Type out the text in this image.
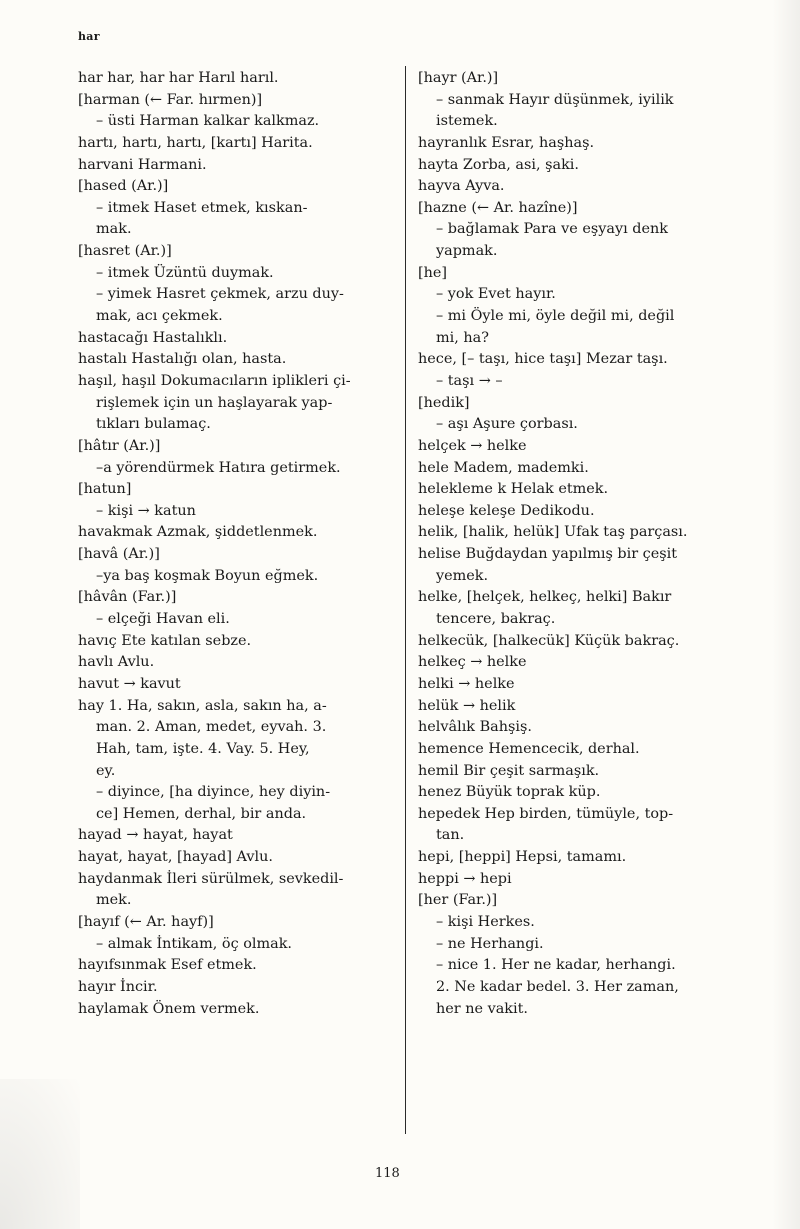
har
har har, har har Harıl harıl.
[harman (← Far. hırmen)]
– üsti Harman kalkar kalkmaz.
hartı, hartı, hartı, [kartı] Harita.
harvani Harmani.
[hased (Ar.)]
– itmek Haset etmek, kıskan-
mak.
[hasret (Ar.)]
– itmek Üzüntü duymak.
– yimek Hasret çekmek, arzu duy-
mak, acı çekmek.
hastacağı Hastalıklı.
hastalı Hastalığı olan, hasta.
haşıl, haşıl Dokumacıların iplikleri çi-
rişlemek için un haşlayarak yap-
tıkları bulamaç.
[hâtır (Ar.)]
–a yörendürmek Hatıra getirmek.
[hatun]
– kişi → katun
havakmak Azmak, şiddetlenmek.
[havâ (Ar.)]
–ya baş koşmak Boyun eğmek.
[hâvân (Far.)]
– elçeği Havan eli.
havıç Ete katılan sebze.
havlı Avlu.
havut → kavut
hay 1. Ha, sakın, asla, sakın ha, a-
man. 2. Aman, medet, eyvah. 3.
Hah, tam, işte. 4. Vay. 5. Hey,
ey.
– diyince, [ha diyince, hey diyin-
ce] Hemen, derhal, bir anda.
hayad → hayat, hayat
hayat, hayat, [hayad] Avlu.
haydanmak İleri sürülmek, sevkedil-
mek.
[hayıf (← Ar. hayf)]
– almak İntikam, öç olmak.
hayıfsınmak Esef etmek.
hayır İncir.
haylamak Önem vermek.
[hayr (Ar.)]
– sanmak Hayır düşünmek, iyilik
istemek.
hayranlık Esrar, haşhaş.
hayta Zorba, asi, şaki.
hayva Ayva.
[hazne (← Ar. hazîne)]
– bağlamak Para ve eşyayı denk
yapmak.
[he]
– yok Evet hayır.
– mi Öyle mi, öyle değil mi, değil
mi, ha?
hece, [– taşı, hice taşı] Mezar taşı.
– taşı → –
[hedik]
– aşı Aşure çorbası.
helçek → helke
hele Madem, mademki.
helekleme k Helak etmek.
heleşe keleşe Dedikodu.
helik, [halik, helük] Ufak taş parçası.
helise Buğdaydan yapılmış bir çeşit
yemek.
helke, [helçek, helkeç, helki] Bakır
tencere, bakraç.
helkecük, [halkecük] Küçük bakraç.
helkeç → helke
helki → helke
helük → helik
helvâlık Bahşiş.
hemence Hemencecik, derhal.
hemil Bir çeşit sarmaşık.
henez Büyük toprak küp.
hepedek Hep birden, tümüyle, top-
tan.
hepi, [heppi] Hepsi, tamamı.
heppi → hepi
[her (Far.)]
– kişi Herkes.
– ne Herhangi.
– nice 1. Her ne kadar, herhangi.
2. Ne kadar bedel. 3. Her zaman,
her ne vakit.
118
